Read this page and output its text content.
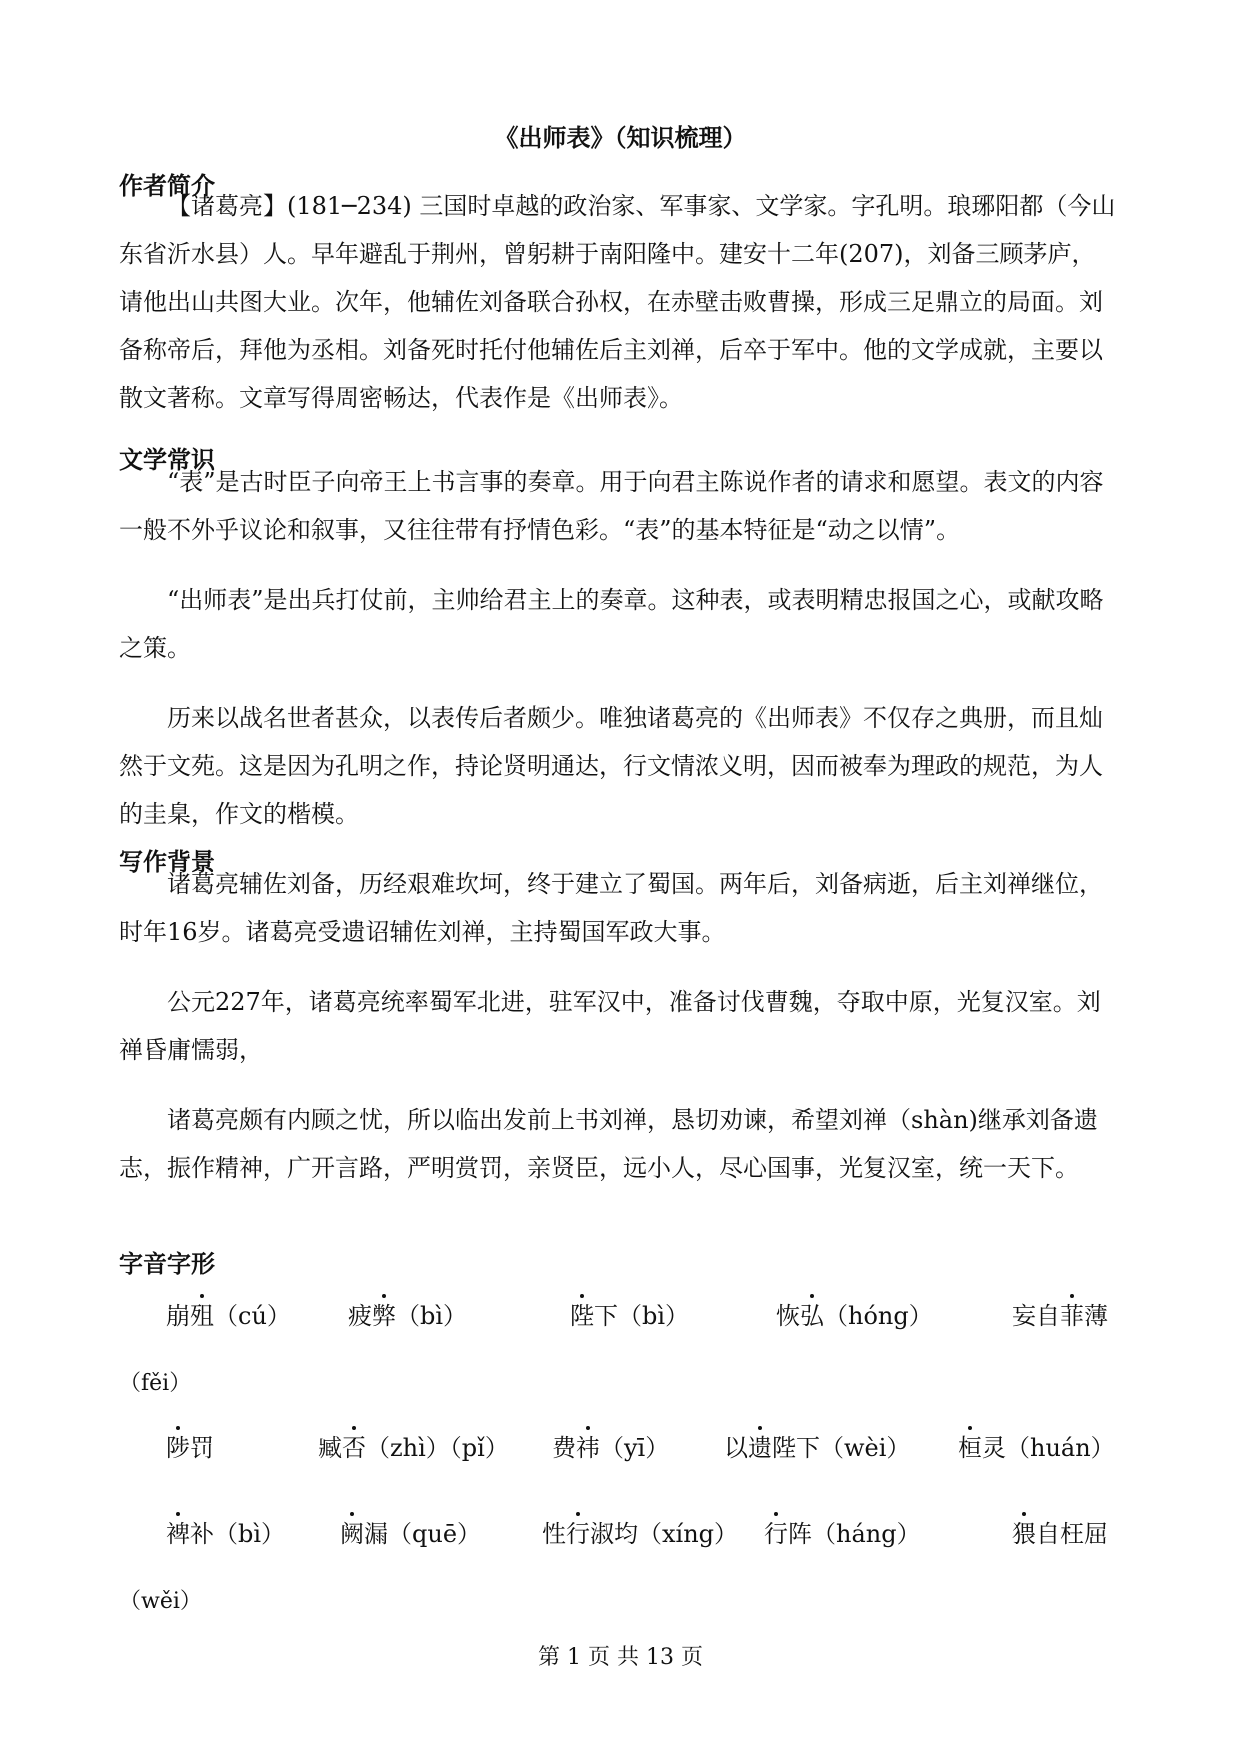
《出师表》（知识梳理）
作者简介

【诸葛亮】(181─234) 三国时卓越的政治家、军事家、文学家。字孔明。琅琊阳都（今山东省沂水县）人。早年避乱于荆州，曾躬耕于南阳隆中。建安十二年(207)，刘备三顾茅庐，请他出山共图大业。次年，他辅佐刘备联合孙权，在赤壁击败曹操，形成三足鼎立的局面。刘备称帝后，拜他为丞相。刘备死时托付他辅佐后主刘禅，后卒于军中。他的文学成就，主要以散文著称。文章写得周密畅达，代表作是《出师表》。

文学常识

“表”是古时臣子向帝王上书言事的奏章。用于向君主陈说作者的请求和愿望。表文的内容一般不外乎议论和叙事，又往往带有抒情色彩。“表”的基本特征是“动之以情”。

“出师表”是出兵打仗前，主帅给君主上的奏章。这种表，或表明精忠报国之心，或献攻略之策。

历来以战名世者甚众，以表传后者颇少。唯独诸葛亮的《出师表》不仅存之典册，而且灿然于文苑。这是因为孔明之作，持论贤明通达，行文情浓义明，因而被奉为理政的规范，为人的圭臬，作文的楷模。

写作背景

诸葛亮辅佐刘备，历经艰难坎坷，终于建立了蜀国。两年后，刘备病逝，后主刘禅继位，时年16岁。诸葛亮受遗诏辅佐刘禅，主持蜀国军政大事。

公元227年，诸葛亮统率蜀军北进，驻军汉中，准备讨伐曹魏，夺取中原，光复汉室。刘禅昏庸懦弱，

诸葛亮颇有内顾之忧，所以临出发前上书刘禅，恳切劝谏，希望刘禅（shàn)继承刘备遗志，振作精神，广开言路，严明赏罚，亲贤臣，远小人，尽心国事，光复汉室，统一天下。

字音字形
崩殂（cú） 疲弊（bì）	陛下（bì）	恢弘（hóng）	妄自菲薄
（fěi）
陟罚	臧否（zhì）（pǐ） 费祎（yī） 以遗陛下（wèi） 桓灵（huán）
裨补（bì） 阙漏（quē）	性行淑均（xíng） 行阵（háng）	猥自枉屈
（wěi）
第 1 页 共 13 页
